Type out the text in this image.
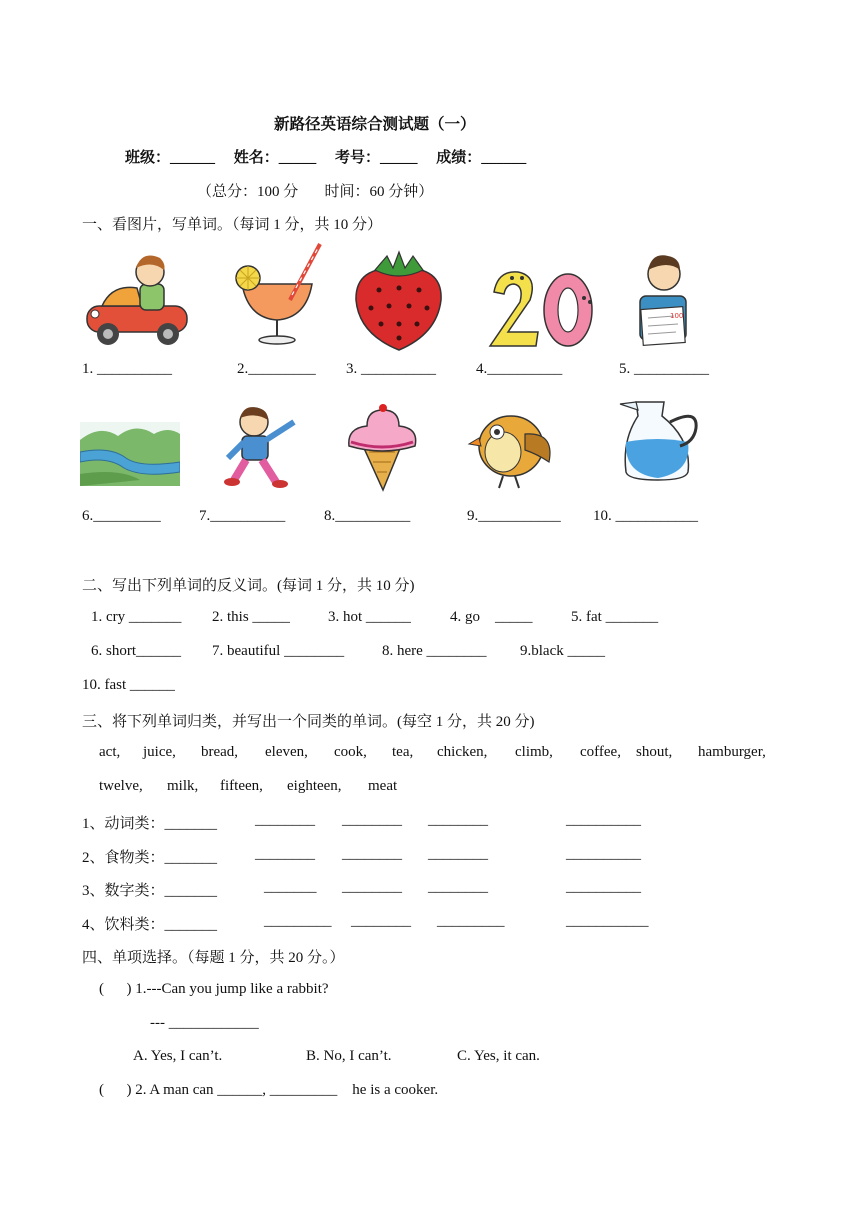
新路径英语综合测试题（一）
班级：______     姓名：_____     考号：_____     成绩：______
（总分：100 分       时间：60 分钟）
一、看图片，写单词。（每词 1 分，共 10 分）
100
1. __________	2._________ 3. __________	4.__________	5. __________
6._________	7.__________	8.__________	9.___________ 10. ___________
二、写出下列单词的反义词。(每词 1 分，共 10 分)
1. cry _______ 2. this _____	3. hot ______	4. go    _____	5. fat _______
6. short______ 7. beautiful ________	8. here ________ 9.black _____
10. fast ______
三、将下列单词归类，并写出一个同类的单词。(每空 1 分，共 20 分)
act, juice, bread, eleven, cook, tea, chicken, climb, coffee, shout, hamburger,
twelve, milk, fifteen, eighteen, meat
1、动词类：_______	________ ________ ________	__________
2、食物类：_______	________ ________ ________	__________
3、数字类：_______	_______ ________ ________	__________
4、饮料类：_______	_________ ________ _________	___________
四、单项选择。（每题 1 分，共 20 分。）
(      ) 1.---Can you jump like a rabbit?
--- ____________
A. Yes, I can’t.	B. No, I can’t.	C. Yes, it can.
(      ) 2. A man can ______, _________    he is a cooker.
